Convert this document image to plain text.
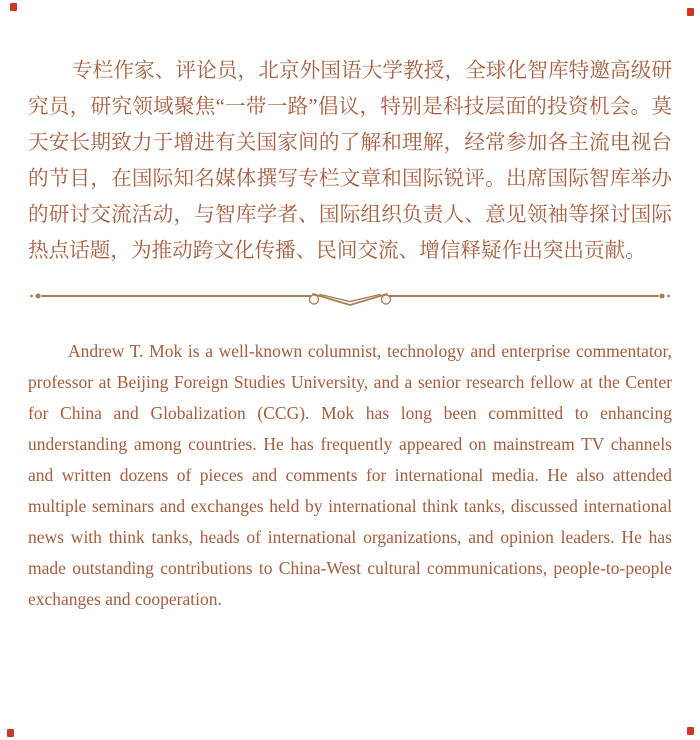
专栏作家、评论员，北京外国语大学教授，全球化智库特邀高级研究员，研究领域聚焦“一带一路”倡议，特别是科技层面的投资机会。莫天安长期致力于增进有关国家间的了解和理解，经常参加各主流电视台的节目，在国际知名媒体撰写专栏文章和国际锐评。出席国际智库举办的研讨交流活动，与智库学者、国际组织负责人、意见领袖等探讨国际热点话题，为推动跨文化传播、民间交流、增信释疑作出突出贡献。

Andrew T. Mok is a well-known columnist, technology and enterprise commentator, professor at Beijing Foreign Studies University, and a senior research fellow at the Center for China and Globalization (CCG). Mok has long been committed to enhancing understanding among countries. He has frequently appeared on mainstream TV channels and written dozens of pieces and comments for international media. He also attended multiple seminars and exchanges held by international think tanks, discussed international news with think tanks, heads of international organizations, and opinion leaders. He has made outstanding contributions to China-West cultural communications, people-to-people exchanges and cooperation.
